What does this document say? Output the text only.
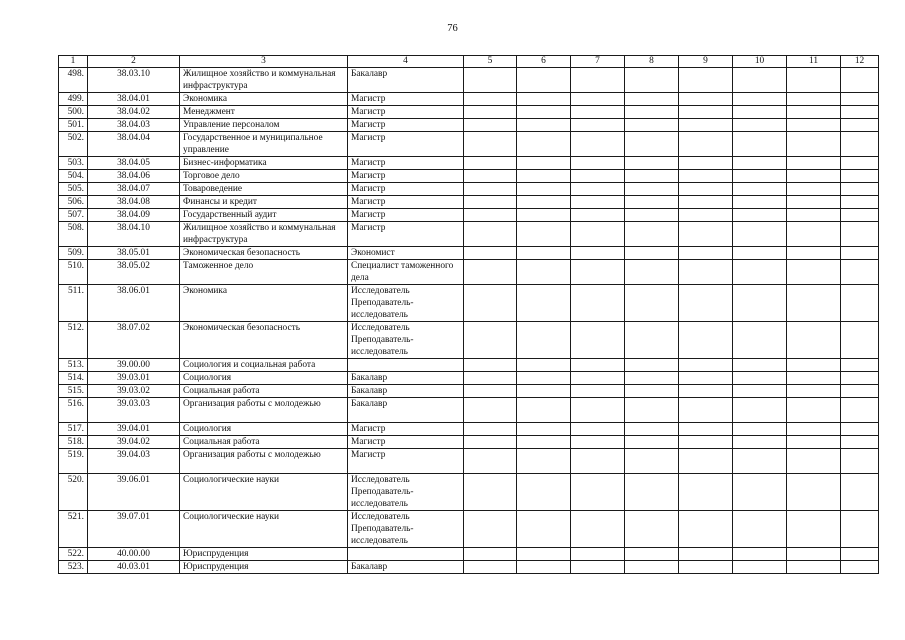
76
1	2	3	4	5	6	7	8	9	10	11	12
498.	38.03.10	Жилищное хозяйство и коммунальная инфраструктура	Бакалавр								
499.	38.04.01	Экономика	Магистр								
500.	38.04.02	Менеджмент	Магистр								
501.	38.04.03	Управление персоналом	Магистр								
502.	38.04.04	Государственное и муниципальное управление	Магистр								
503.	38.04.05	Бизнес-информатика	Магистр								
504.	38.04.06	Торговое дело	Магистр								
505.	38.04.07	Товароведение	Магистр								
506.	38.04.08	Финансы и кредит	Магистр								
507.	38.04.09	Государственный аудит	Магистр								
508.	38.04.10	Жилищное хозяйство и коммунальная инфраструктура	Магистр								
509.	38.05.01	Экономическая безопасность	Экономист								
510.	38.05.02	Таможенное дело	Специалист таможенного дела								
511.	38.06.01	Экономика	Исследователь Преподаватель-исследователь								
512.	38.07.02	Экономическая безопасность	Исследователь Преподаватель-исследователь								
513.	39.00.00	Социология и социальная работа									
514.	39.03.01	Социология	Бакалавр								
515.	39.03.02	Социальная работа	Бакалавр								
516.	39.03.03	Организация работы с молодежью	Бакалавр								
517.	39.04.01	Социология	Магистр								
518.	39.04.02	Социальная работа	Магистр								
519.	39.04.03	Организация работы с молодежью	Магистр								
520.	39.06.01	Социологические науки	Исследователь Преподаватель-исследователь								
521.	39.07.01	Социологические науки	Исследователь Преподаватель-исследователь								
522.	40.00.00	Юриспруденция									
523.	40.03.01	Юриспруденция	Бакалавр								
